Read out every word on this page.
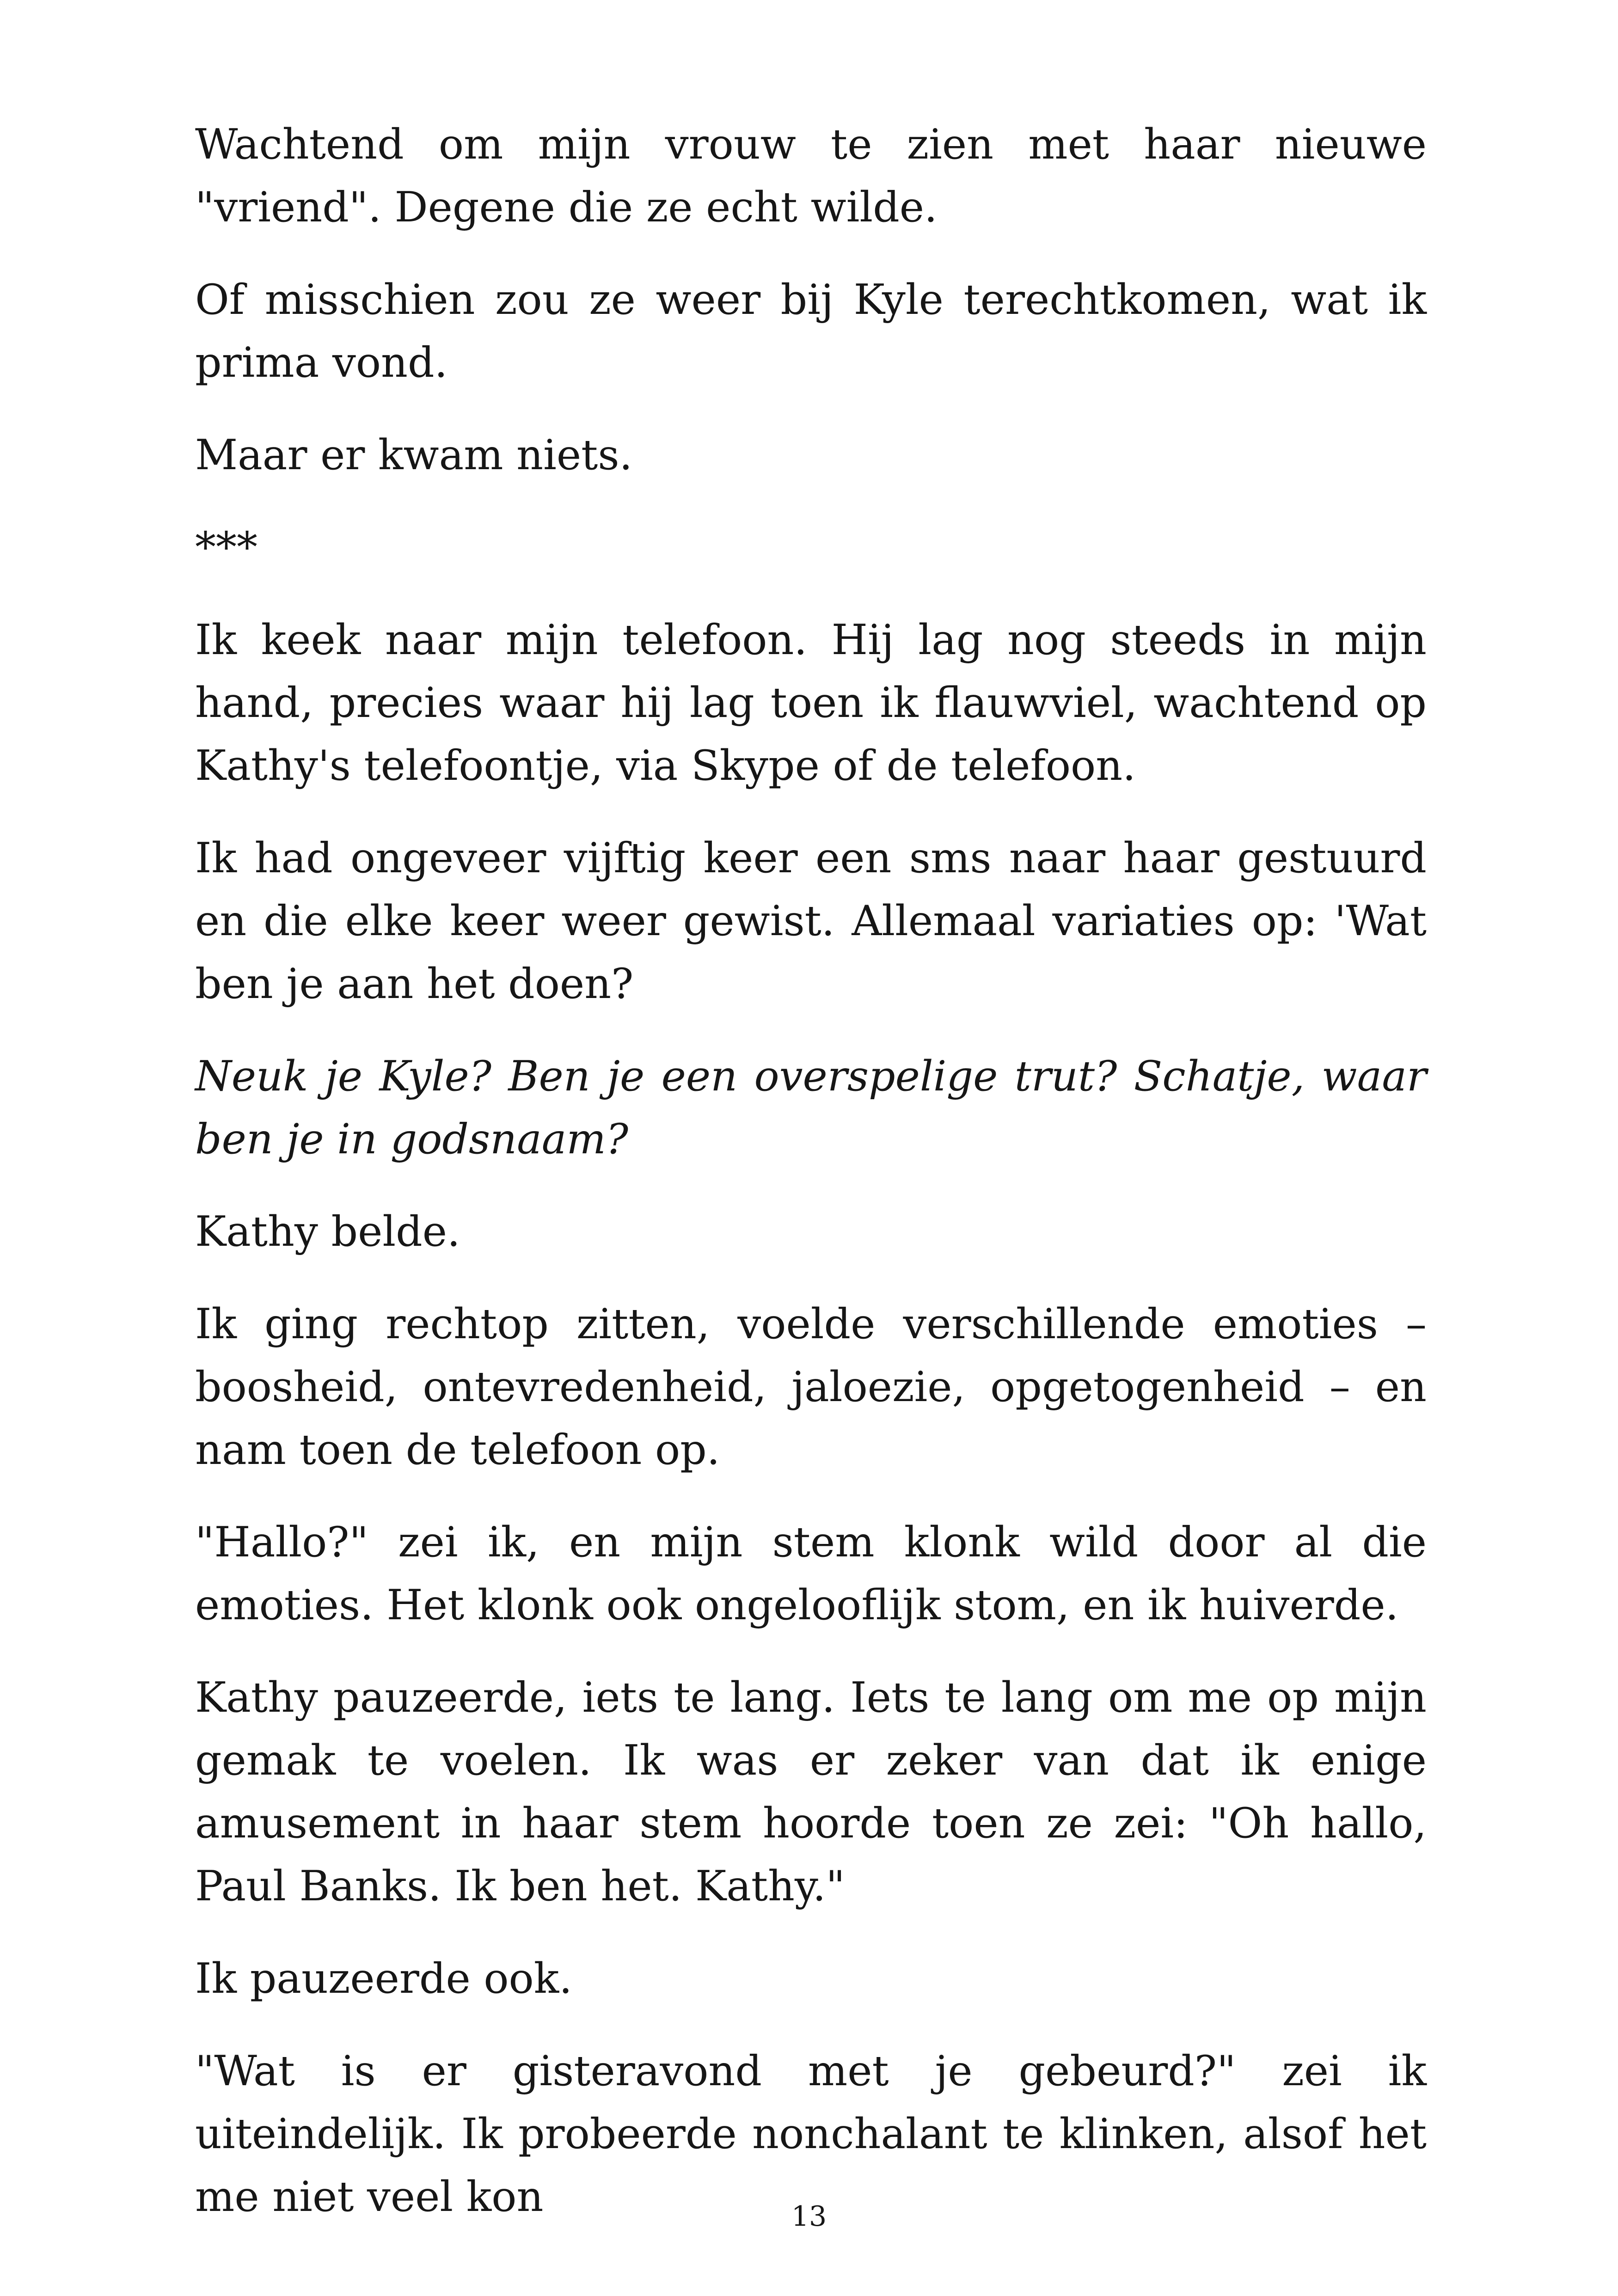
Wachtend om mijn vrouw te zien met haar nieuwe "vriend". Degene die ze echt wilde.

Of misschien zou ze weer bij Kyle terechtkomen, wat ik prima vond.

Maar er kwam niets.

***

Ik keek naar mijn telefoon. Hij lag nog steeds in mijn hand, precies waar hij lag toen ik flauwviel, wachtend op Kathy's telefoontje, via Skype of de telefoon.

Ik had ongeveer vijftig keer een sms naar haar gestuurd en die elke keer weer gewist. Allemaal variaties op: 'Wat ben je aan het doen?

Neuk je Kyle? Ben je een overspelige trut? Schatje, waar ben je in godsnaam?

Kathy belde.

Ik ging rechtop zitten, voelde verschillende emoties – boosheid, ontevredenheid, jaloezie, opgetogenheid – en nam toen de telefoon op.

"Hallo?" zei ik, en mijn stem klonk wild door al die emoties. Het klonk ook ongelooflijk stom, en ik huiverde.

Kathy pauzeerde, iets te lang. Iets te lang om me op mijn gemak te voelen. Ik was er zeker van dat ik enige amusement in haar stem hoorde toen ze zei: "Oh hallo, Paul Banks. Ik ben het. Kathy."

Ik pauzeerde ook.

"Wat is er gisteravond met je gebeurd?" zei ik uiteindelijk. Ik probeerde nonchalant te klinken, alsof het me niet veel kon	13
